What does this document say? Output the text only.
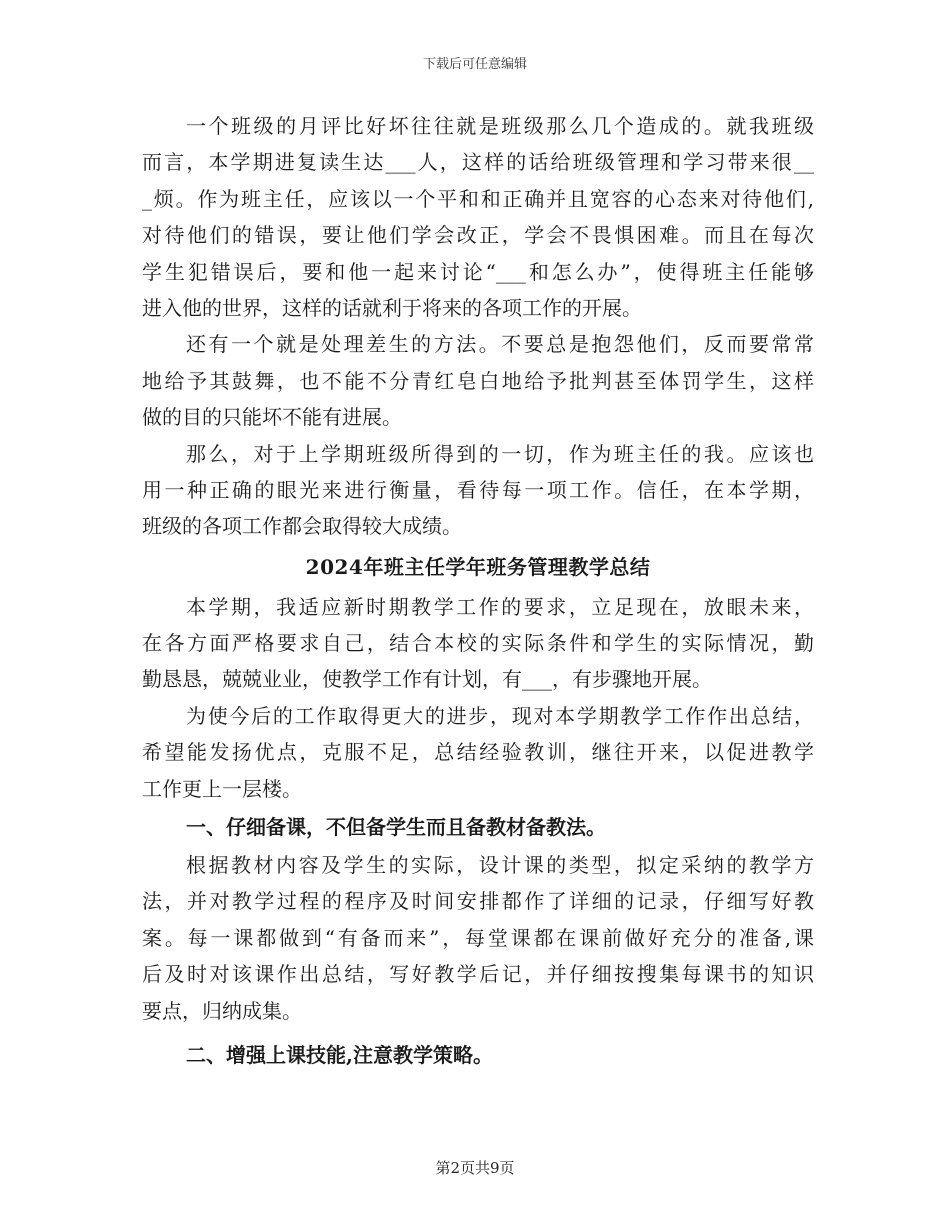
下载后可任意编辑
一个班级的月评比好坏往往就是班级那么几个造成的。就我班级
而言，本学期进复读生达___人，这样的话给班级管理和学习带来很__
_烦。作为班主任，应该以一个平和和正确并且宽容的心态来对待他们,
对待他们的错误，要让他们学会改正，学会不畏惧困难。而且在每次
学生犯错误后，要和他一起来讨论“___和怎么办”，使得班主任能够
进入他的世界，这样的话就利于将来的各项工作的开展。
还有一个就是处理差生的方法。不要总是抱怨他们，反而要常常
地给予其鼓舞，也不能不分青红皂白地给予批判甚至体罚学生，这样
做的目的只能坏不能有进展。
那么，对于上学期班级所得到的一切，作为班主任的我。应该也
用一种正确的眼光来进行衡量，看待每一项工作。信任，在本学期，
班级的各项工作都会取得较大成绩。
2024年班主任学年班务管理教学总结
本学期，我适应新时期教学工作的要求，立足现在，放眼未来，
在各方面严格要求自己，结合本校的实际条件和学生的实际情况，勤
勤恳恳，兢兢业业，使教学工作有计划，有___，有步骤地开展。
为使今后的工作取得更大的进步，现对本学期教学工作作出总结，
希望能发扬优点，克服不足，总结经验教训，继往开来，以促进教学
工作更上一层楼。
一、仔细备课，不但备学生而且备教材备教法。
根据教材内容及学生的实际，设计课的类型，拟定采纳的教学方
法，并对教学过程的程序及时间安排都作了详细的记录，仔细写好教
案。每一课都做到“有备而来”，每堂课都在课前做好充分的准备,课
后及时对该课作出总结，写好教学后记，并仔细按搜集每课书的知识
要点，归纳成集。
二、增强上课技能,注意教学策略。
第2页共9页
